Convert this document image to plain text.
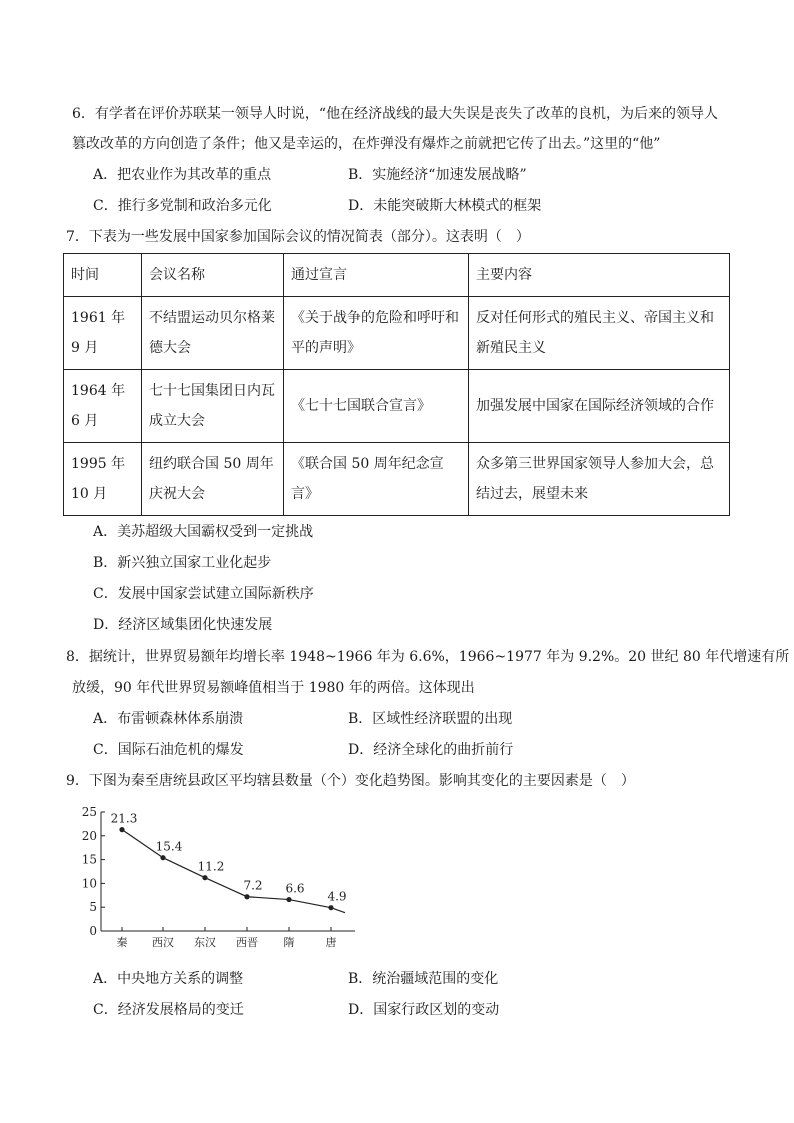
6．有学者在评价苏联某一领导人时说，“他在经济战线的最大失误是丧失了改革的良机，为后来的领导人
篡改改革的方向创造了条件；他又是幸运的，在炸弹没有爆炸之前就把它传了出去。”这里的“他”
A．把农业作为其改革的重点	B．实施经济“加速发展战略”
C．推行多党制和政治多元化	D．未能突破斯大林模式的框架
7．下表为一些发展中国家参加国际会议的情况简表（部分）。这表明（　）
时间	会议名称	通过宣言	主要内容
1961 年 9 月	不结盟运动贝尔格莱德大会	《关于战争的危险和呼吁和平的声明》	反对任何形式的殖民主义、帝国主义和新殖民主义
1964 年 6 月	七十七国集团日内瓦成立大会	《七十七国联合宣言》	加强发展中国家在国际经济领域的合作
1995 年 10 月	纽约联合国 50 周年庆祝大会	《联合国 50 周年纪念宣言》	众多第三世界国家领导人参加大会，总结过去，展望未来
A．美苏超级大国霸权受到一定挑战
B．新兴独立国家工业化起步
C．发展中国家尝试建立国际新秩序
D．经济区域集团化快速发展
8．据统计，世界贸易额年均增长率 1948~1966 年为 6.6%，1966~1977 年为 9.2%。20 世纪 80 年代增速有所
放缓，90 年代世界贸易额峰值相当于 1980 年的两倍。这体现出
A．布雷顿森林体系崩溃	B．区域性经济联盟的出现
C．国际石油危机的爆发	D．经济全球化的曲折前行
9．下图为秦至唐统县政区平均辖县数量（个）变化趋势图。影响其变化的主要因素是（　）
0
5
10
15
20
25
秦 西汉 东汉 西晋 隋	唐
21.3
15.4
11.2
7.2 6.6
4.9
A．中央地方关系的调整	B．统治疆域范围的变化
C．经济发展格局的变迁	D．国家行政区划的变动
